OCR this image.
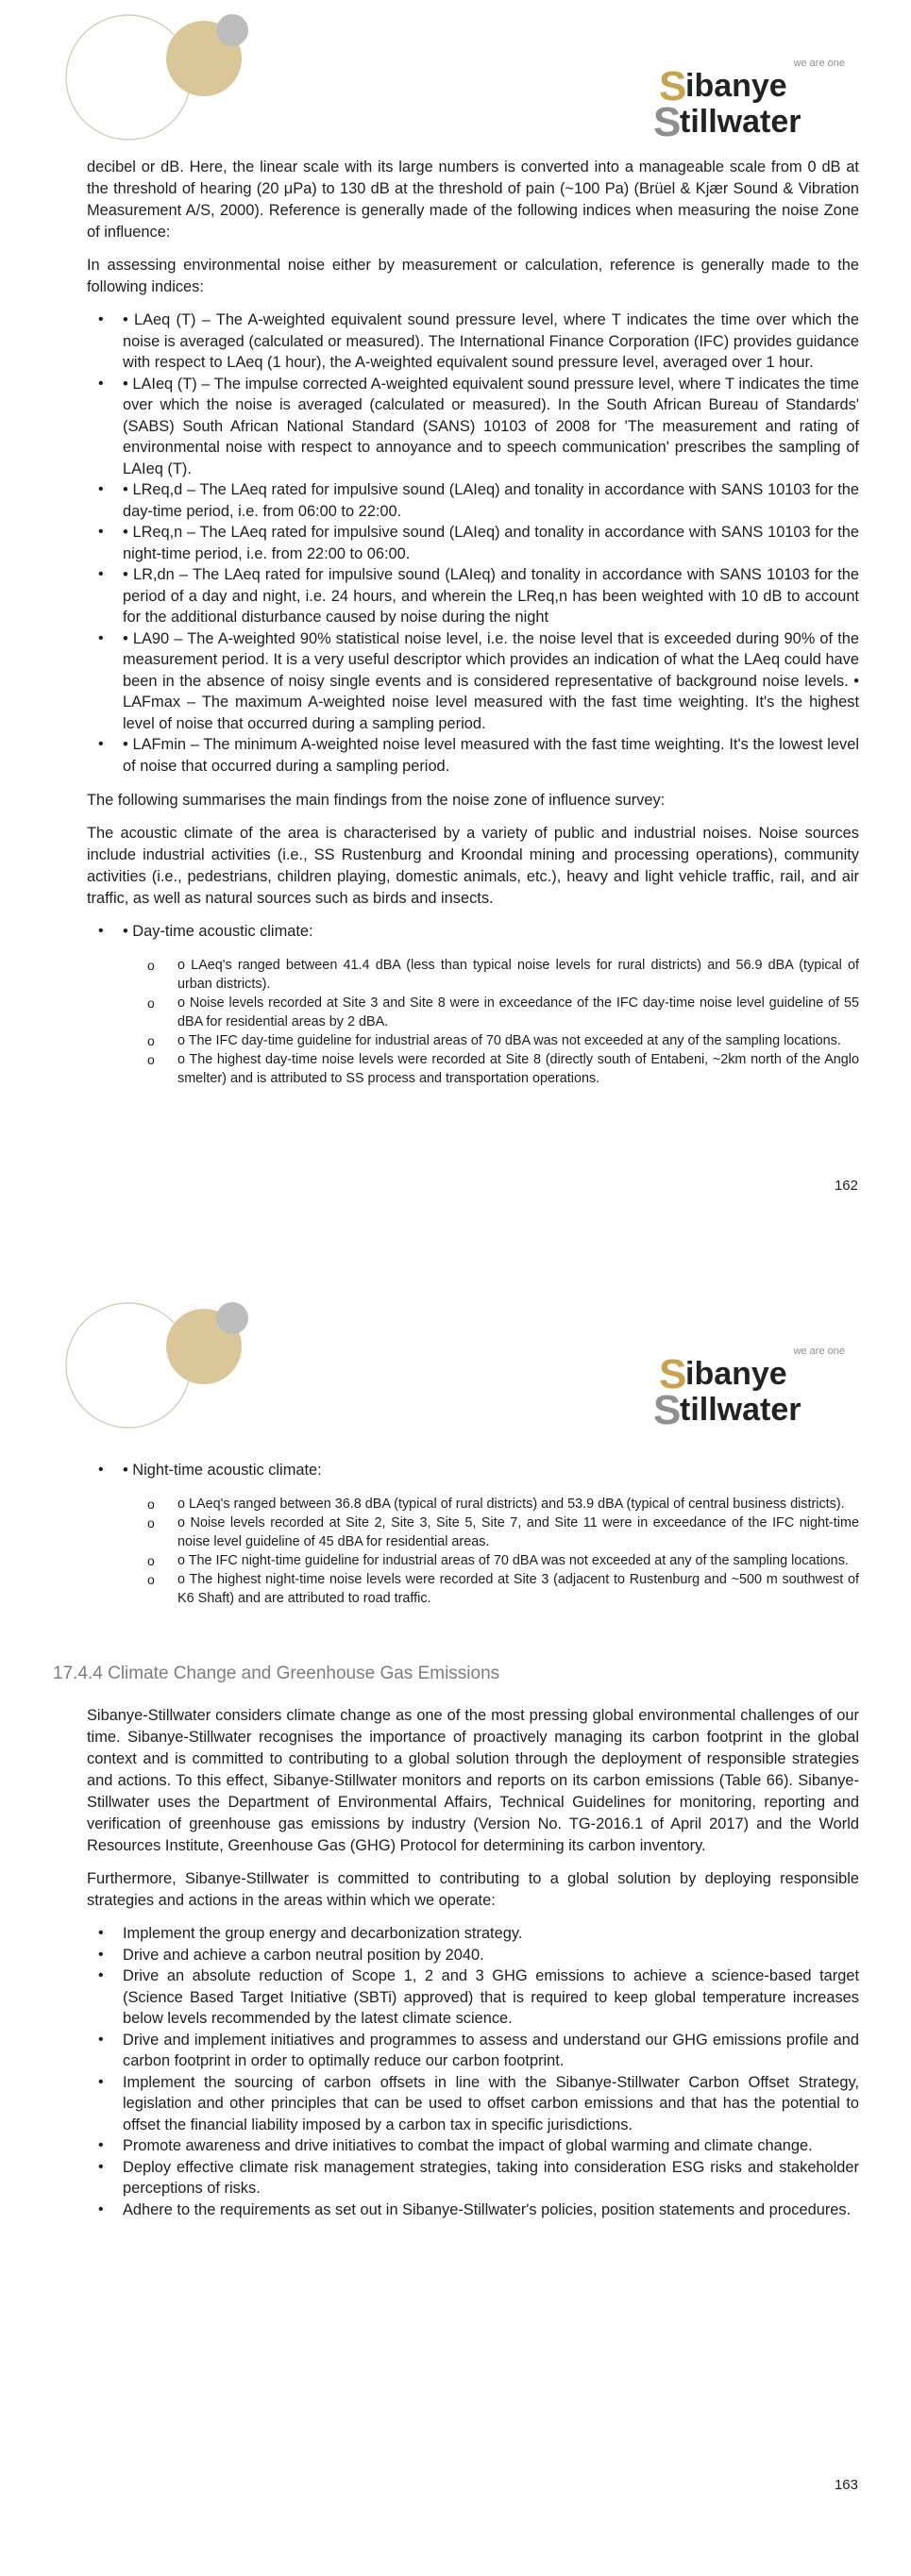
we are one
S
ibanye
S
tillwater

decibel or dB. Here, the linear scale with its large numbers is converted into a manageable scale from 0 dB at the threshold of hearing (20 μPa) to 130 dB at the threshold of pain (~100 Pa) (Brüel & Kjær Sound & Vibration Measurement A/S, 2000). Reference is generally made of the following indices when measuring the noise Zone of influence:

In assessing environmental noise either by measurement or calculation, reference is generally made to the following indices:

• • LAeq (T) – The A-weighted equivalent sound pressure level, where T indicates the time over which the noise is averaged (calculated or measured). The International Finance Corporation (IFC) provides guidance with respect to LAeq (1 hour), the A-weighted equivalent sound pressure level, averaged over 1 hour.
• • LAIeq (T) – The impulse corrected A-weighted equivalent sound pressure level, where T indicates the time over which the noise is averaged (calculated or measured). In the South African Bureau of Standards' (SABS) South African National Standard (SANS) 10103 of 2008 for 'The measurement and rating of environmental noise with respect to annoyance and to speech communication' prescribes the sampling of LAIeq (T).
• • LReq,d – The LAeq rated for impulsive sound (LAIeq) and tonality in accordance with SANS 10103 for the day-time period, i.e. from 06:00 to 22:00.
• • LReq,n – The LAeq rated for impulsive sound (LAIeq) and tonality in accordance with SANS 10103 for the night-time period, i.e. from 22:00 to 06:00.
• • LR,dn – The LAeq rated for impulsive sound (LAIeq) and tonality in accordance with SANS 10103 for the period of a day and night, i.e. 24 hours, and wherein the LReq,n has been weighted with 10 dB to account for the additional disturbance caused by noise during the night
• • LA90 – The A-weighted 90% statistical noise level, i.e. the noise level that is exceeded during 90% of the measurement period. It is a very useful descriptor which provides an indication of what the LAeq could have been in the absence of noisy single events and is considered representative of background noise levels. • LAFmax – The maximum A-weighted noise level measured with the fast time weighting. It's the highest level of noise that occurred during a sampling period.
• • LAFmin – The minimum A-weighted noise level measured with the fast time weighting. It's the lowest level of noise that occurred during a sampling period.

The following summarises the main findings from the noise zone of influence survey:

The acoustic climate of the area is characterised by a variety of public and industrial noises. Noise sources include industrial activities (i.e., SS Rustenburg and Kroondal mining and processing operations), community activities (i.e., pedestrians, children playing, domestic animals, etc.), heavy and light vehicle traffic, rail, and air traffic, as well as natural sources such as birds and insects.

• • Day-time acoustic climate:
o o LAeq's ranged between 41.4 dBA (less than typical noise levels for rural districts) and 56.9 dBA (typical of urban districts).
o o Noise levels recorded at Site 3 and Site 8 were in exceedance of the IFC day-time noise level guideline of 55 dBA for residential areas by 2 dBA.
o o The IFC day-time guideline for industrial areas of 70 dBA was not exceeded at any of the sampling locations.
o o The highest day-time noise levels were recorded at Site 8 (directly south of Entabeni, ~2km north of the Anglo smelter) and is attributed to SS process and transportation operations.
162
we are one
S
ibanye
S
tillwater
• • Night-time acoustic climate:
o o LAeq's ranged between 36.8 dBA (typical of rural districts) and 53.9 dBA (typical of central business districts).
o o Noise levels recorded at Site 2, Site 3, Site 5, Site 7, and Site 11 were in exceedance of the IFC night-time noise level guideline of 45 dBA for residential areas.
o o The IFC night-time guideline for industrial areas of 70 dBA was not exceeded at any of the sampling locations.
o o The highest night-time noise levels were recorded at Site 3 (adjacent to Rustenburg and ~500 m southwest of K6 Shaft) and are attributed to road traffic.
17.4.4 Climate Change and Greenhouse Gas Emissions

Sibanye-Stillwater considers climate change as one of the most pressing global environmental challenges of our time. Sibanye-Stillwater recognises the importance of proactively managing its carbon footprint in the global context and is committed to contributing to a global solution through the deployment of responsible strategies and actions. To this effect, Sibanye-Stillwater monitors and reports on its carbon emissions (Table 66). Sibanye-Stillwater uses the Department of Environmental Affairs, Technical Guidelines for monitoring, reporting and verification of greenhouse gas emissions by industry (Version No. TG-2016.1 of April 2017) and the World Resources Institute, Greenhouse Gas (GHG) Protocol for determining its carbon inventory.

Furthermore, Sibanye-Stillwater is committed to contributing to a global solution by deploying responsible strategies and actions in the areas within which we operate:

• Implement the group energy and decarbonization strategy.
• Drive and achieve a carbon neutral position by 2040.
• Drive an absolute reduction of Scope 1, 2 and 3 GHG emissions to achieve a science-based target (Science Based Target Initiative (SBTi) approved) that is required to keep global temperature increases below levels recommended by the latest climate science.
• Drive and implement initiatives and programmes to assess and understand our GHG emissions profile and carbon footprint in order to optimally reduce our carbon footprint.
• Implement the sourcing of carbon offsets in line with the Sibanye-Stillwater Carbon Offset Strategy, legislation and other principles that can be used to offset carbon emissions and that has the potential to offset the financial liability imposed by a carbon tax in specific jurisdictions.
• Promote awareness and drive initiatives to combat the impact of global warming and climate change.
• Deploy effective climate risk management strategies, taking into consideration ESG risks and stakeholder perceptions of risks.
• Adhere to the requirements as set out in Sibanye-Stillwater's policies, position statements and procedures.
163
